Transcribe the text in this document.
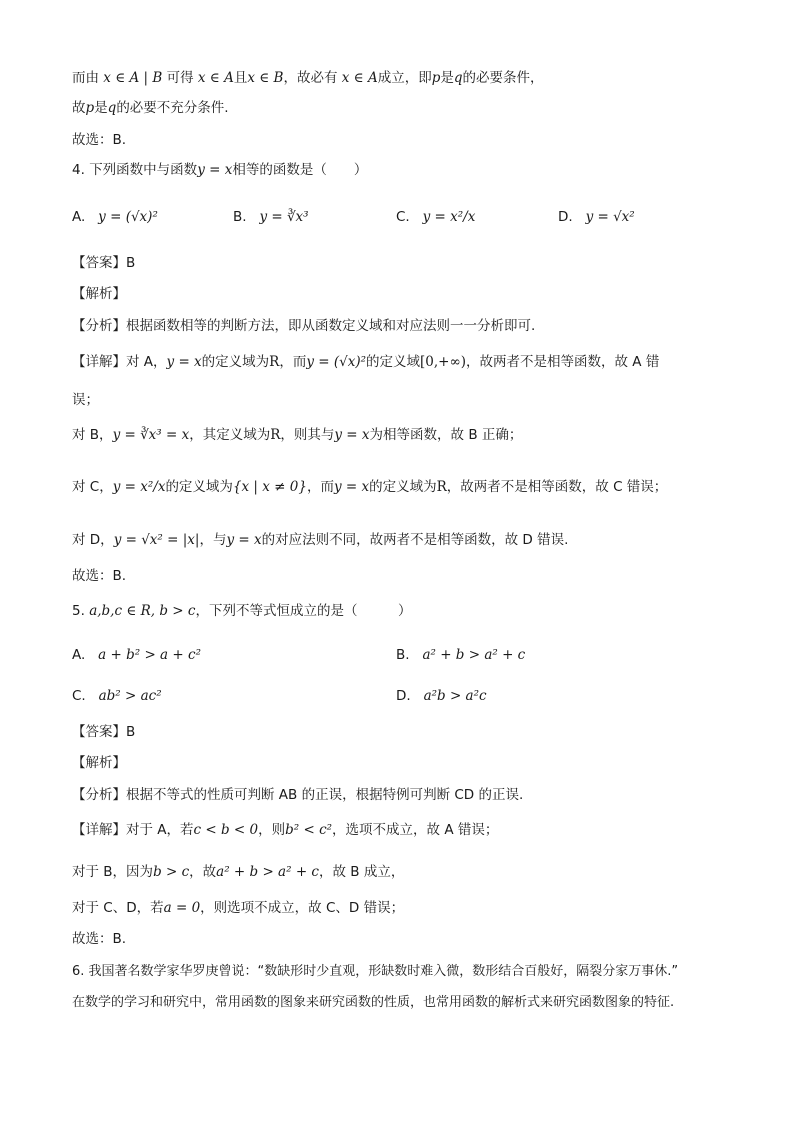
而由 x ∈ A | B 可得 x ∈ A且x ∈ B，故必有 x ∈ A成立，即p是q的必要条件，
故p是q的必要不充分条件.
故选：B.
4. 下列函数中与函数y = x相等的函数是（　　）
A. y = (√x)²	B. y = ∛x³	C. y = x²/x	D. y = √x²
【答案】B
【解析】
【分析】根据函数相等的判断方法，即从函数定义域和对应法则一一分析即可.
【详解】对 A，y = x的定义域为R，而y = (√x)²的定义域[0,+∞)，故两者不是相等函数，故 A 错
误；
对 B，y = ∛x³ = x，其定义域为R，则其与y = x为相等函数，故 B 正确；
对 C，y = x²/x的定义域为{x | x ≠ 0}，而y = x的定义域为R，故两者不是相等函数，故 C 错误；
对 D，y = √x² = |x|，与y = x的对应法则不同，故两者不是相等函数，故 D 错误.
故选：B.
5. a,b,c ∈ R, b > c，下列不等式恒成立的是（　　　）
A. a + b² > a + c²	B. a² + b > a² + c
C. ab² > ac²	D. a²b > a²c
【答案】B
【解析】
【分析】根据不等式的性质可判断 AB 的正误，根据特例可判断 CD 的正误.
【详解】对于 A，若c < b < 0，则b² < c²，选项不成立，故 A 错误；
对于 B，因为b > c，故a² + b > a² + c，故 B 成立，
对于 C、D，若a = 0，则选项不成立，故 C、D 错误；
故选：B.
6. 我国著名数学家华罗庚曾说：“数缺形时少直观，形缺数时难入微，数形结合百般好，隔裂分家万事休.”
在数学的学习和研究中，常用函数的图象来研究函数的性质，也常用函数的解析式来研究函数图象的特征.
